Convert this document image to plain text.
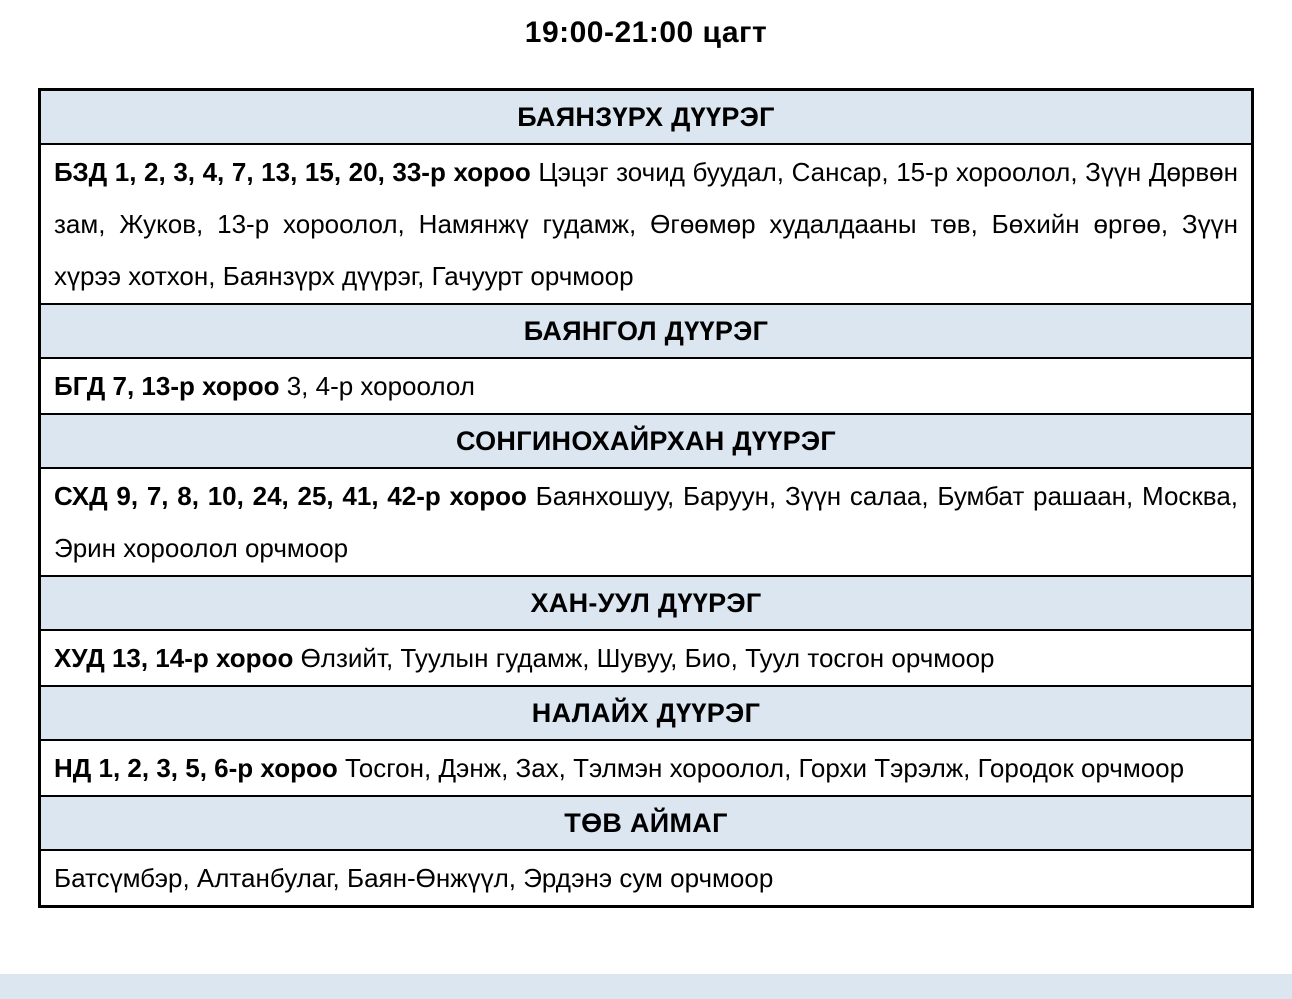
19:00-21:00 цагт
БАЯНЗҮРХ ДҮҮРЭГ
БЗД 1, 2, 3, 4, 7, 13, 15, 20, 33-р хороо Цэцэг зочид буудал, Сансар, 15-р хороолол, Зүүн Дөрвөн зам, Жуков, 13-р хороолол, Намянжү гудамж, Өгөөмөр худалдааны төв, Бөхийн өргөө, Зүүн хүрээ хотхон, Баянзүрх дүүрэг, Гачуурт орчмоор
БАЯНГОЛ ДҮҮРЭГ
БГД 7, 13-р хороо 3, 4-р хороолол
СОНГИНОХАЙРХАН ДҮҮРЭГ
СХД 9, 7, 8, 10, 24, 25, 41, 42-р хороо Баянхошуу, Баруун, Зүүн салаа, Бумбат рашаан, Москва, Эрин хороолол орчмоор
ХАН-УУЛ ДҮҮРЭГ
ХУД 13, 14-р хороо Өлзийт, Туулын гудамж, Шувуу, Био, Туул тосгон орчмоор
НАЛАЙХ ДҮҮРЭГ
НД 1, 2, 3, 5, 6-р хороо Тосгон, Дэнж, Зах, Тэлмэн хороолол, Горхи Тэрэлж, Городок орчмоор
ТӨВ АЙМАГ
Батсүмбэр, Алтанбулаг, Баян-Өнжүүл, Эрдэнэ сум орчмоор
